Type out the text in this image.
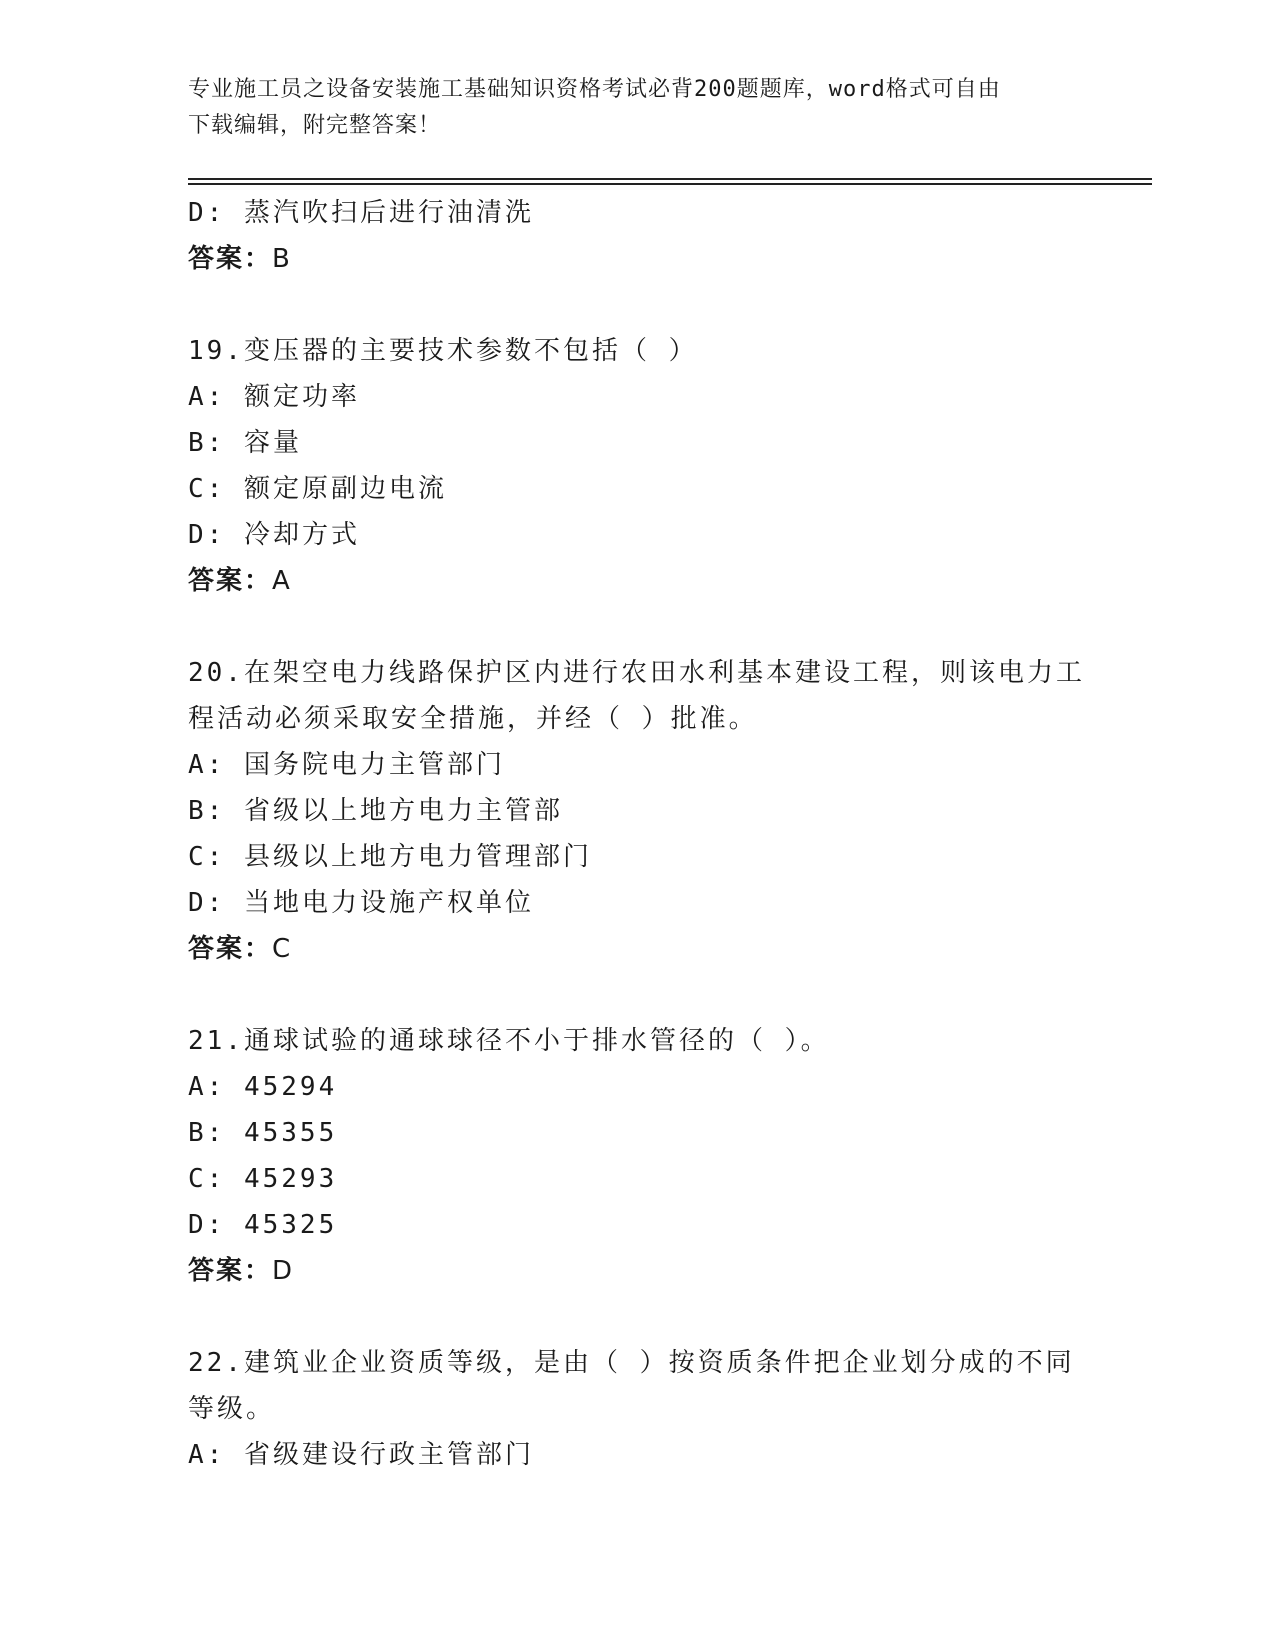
专业施工员之设备安装施工基础知识资格考试必背200题题库，word格式可自由
下载编辑，附完整答案！
D: 蒸汽吹扫后进行油清洗
答案：B
19.变压器的主要技术参数不包括（ ）
A: 额定功率
B: 容量
C: 额定原副边电流
D: 冷却方式
答案：A
20.在架空电力线路保护区内进行农田水利基本建设工程，则该电力工
程活动必须采取安全措施，并经（ ）批准。
A: 国务院电力主管部门
B: 省级以上地方电力主管部
C: 县级以上地方电力管理部门
D: 当地电力设施产权单位
答案：C
21.通球试验的通球球径不小于排水管径的（ ）。
A: 45294
B: 45355
C: 45293
D: 45325
答案：D
22.建筑业企业资质等级，是由（ ）按资质条件把企业划分成的不同
等级。
A: 省级建设行政主管部门
